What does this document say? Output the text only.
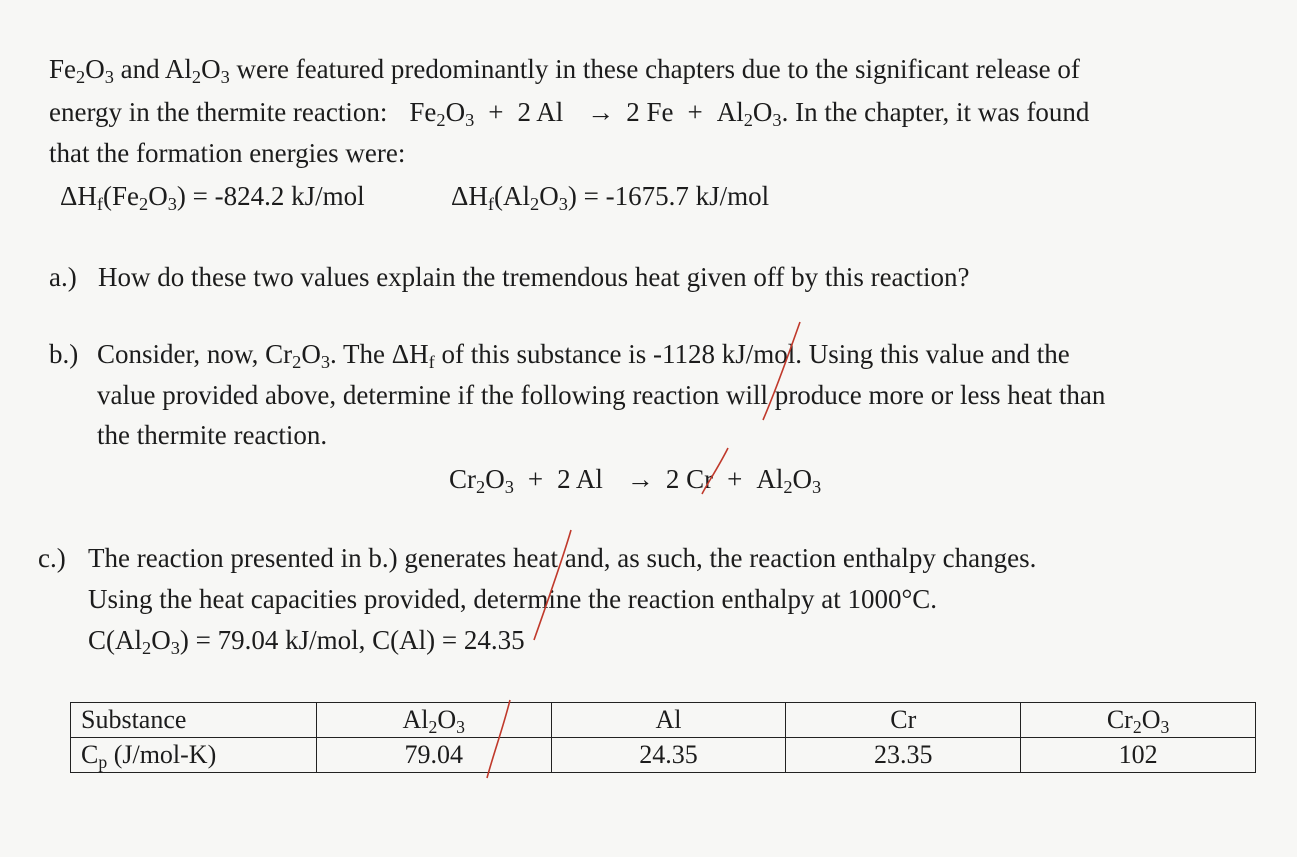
$Fe_2O_3$ and $Al_2O_3$ were featured predominantly in these chapters due to the significant release of
energy in the thermite reaction: $Fe_2O_3 + 2$ Al → 2 $Fe + Al_2O_3$. In the chapter, it was found
that the formation energies were:
$\Delta H_f(Fe_2O_3) = -824.2$ kJ/mol	$\Delta H_f(Al_2O_3) = -1675.7$ kJ/mol
a.) How do these two values explain the tremendous heat given off by this reaction?
b.) Consider, now, $Cr_2O_3$. The $\Delta H_f$ of this substance is -1128 kJ/mol. Using this value and the
value provided above, determine if the following reaction will produce more or less heat than
the thermite reaction.
$Cr_2O_3 + 2$ Al → 2 $Cr + Al_2O_3$
c.) The reaction presented in b.) generates heat and, as such, the reaction enthalpy changes.
Using the heat capacities provided, determine the reaction enthalpy at 1000°C.
$C(Al_2O_3) = 79.04$ kJ/mol, C(Al) = 24.35
Substance	$Al_2O_3$	Al	Cr	$Cr_2O_3$
$C_p$ (J/mol-K)	79.04	24.35	23.35	102
